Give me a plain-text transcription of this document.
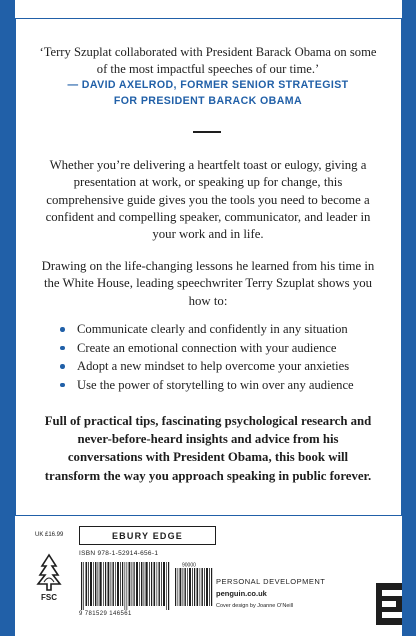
‘Terry Szuplat collaborated with President Barack Obama on some of the most impactful speeches of our time.’
— DAVID AXELROD, FORMER SENIOR STRATEGIST
FOR PRESIDENT BARACK OBAMA
Whether you’re delivering a heartfelt toast or eulogy, giving a presentation at work, or speaking up for change, this comprehensive guide gives you the tools you need to become a confident and compelling speaker, communicator, and leader in your work and in life.
Drawing on the life-changing lessons he learned from his time in the White House, leading speechwriter Terry Szuplat shows you how to:
Communicate clearly and confidently in any situation
Create an emotional connection with your audience
Adopt a new mindset to help overcome your anxieties
Use the power of storytelling to win over any audience
Full of practical tips, fascinating psychological research and never-before-heard insights and advice from his conversations with President Obama, this book will transform the way you approach speaking in public forever.
UK £16.99	EBURY EDGE
ISBN 978-1-52914-656-1
90000
9 781529 146561
FSC
PERSONAL DEVELOPMENT
penguin.co.uk
Cover design by Joanne O’Neill
